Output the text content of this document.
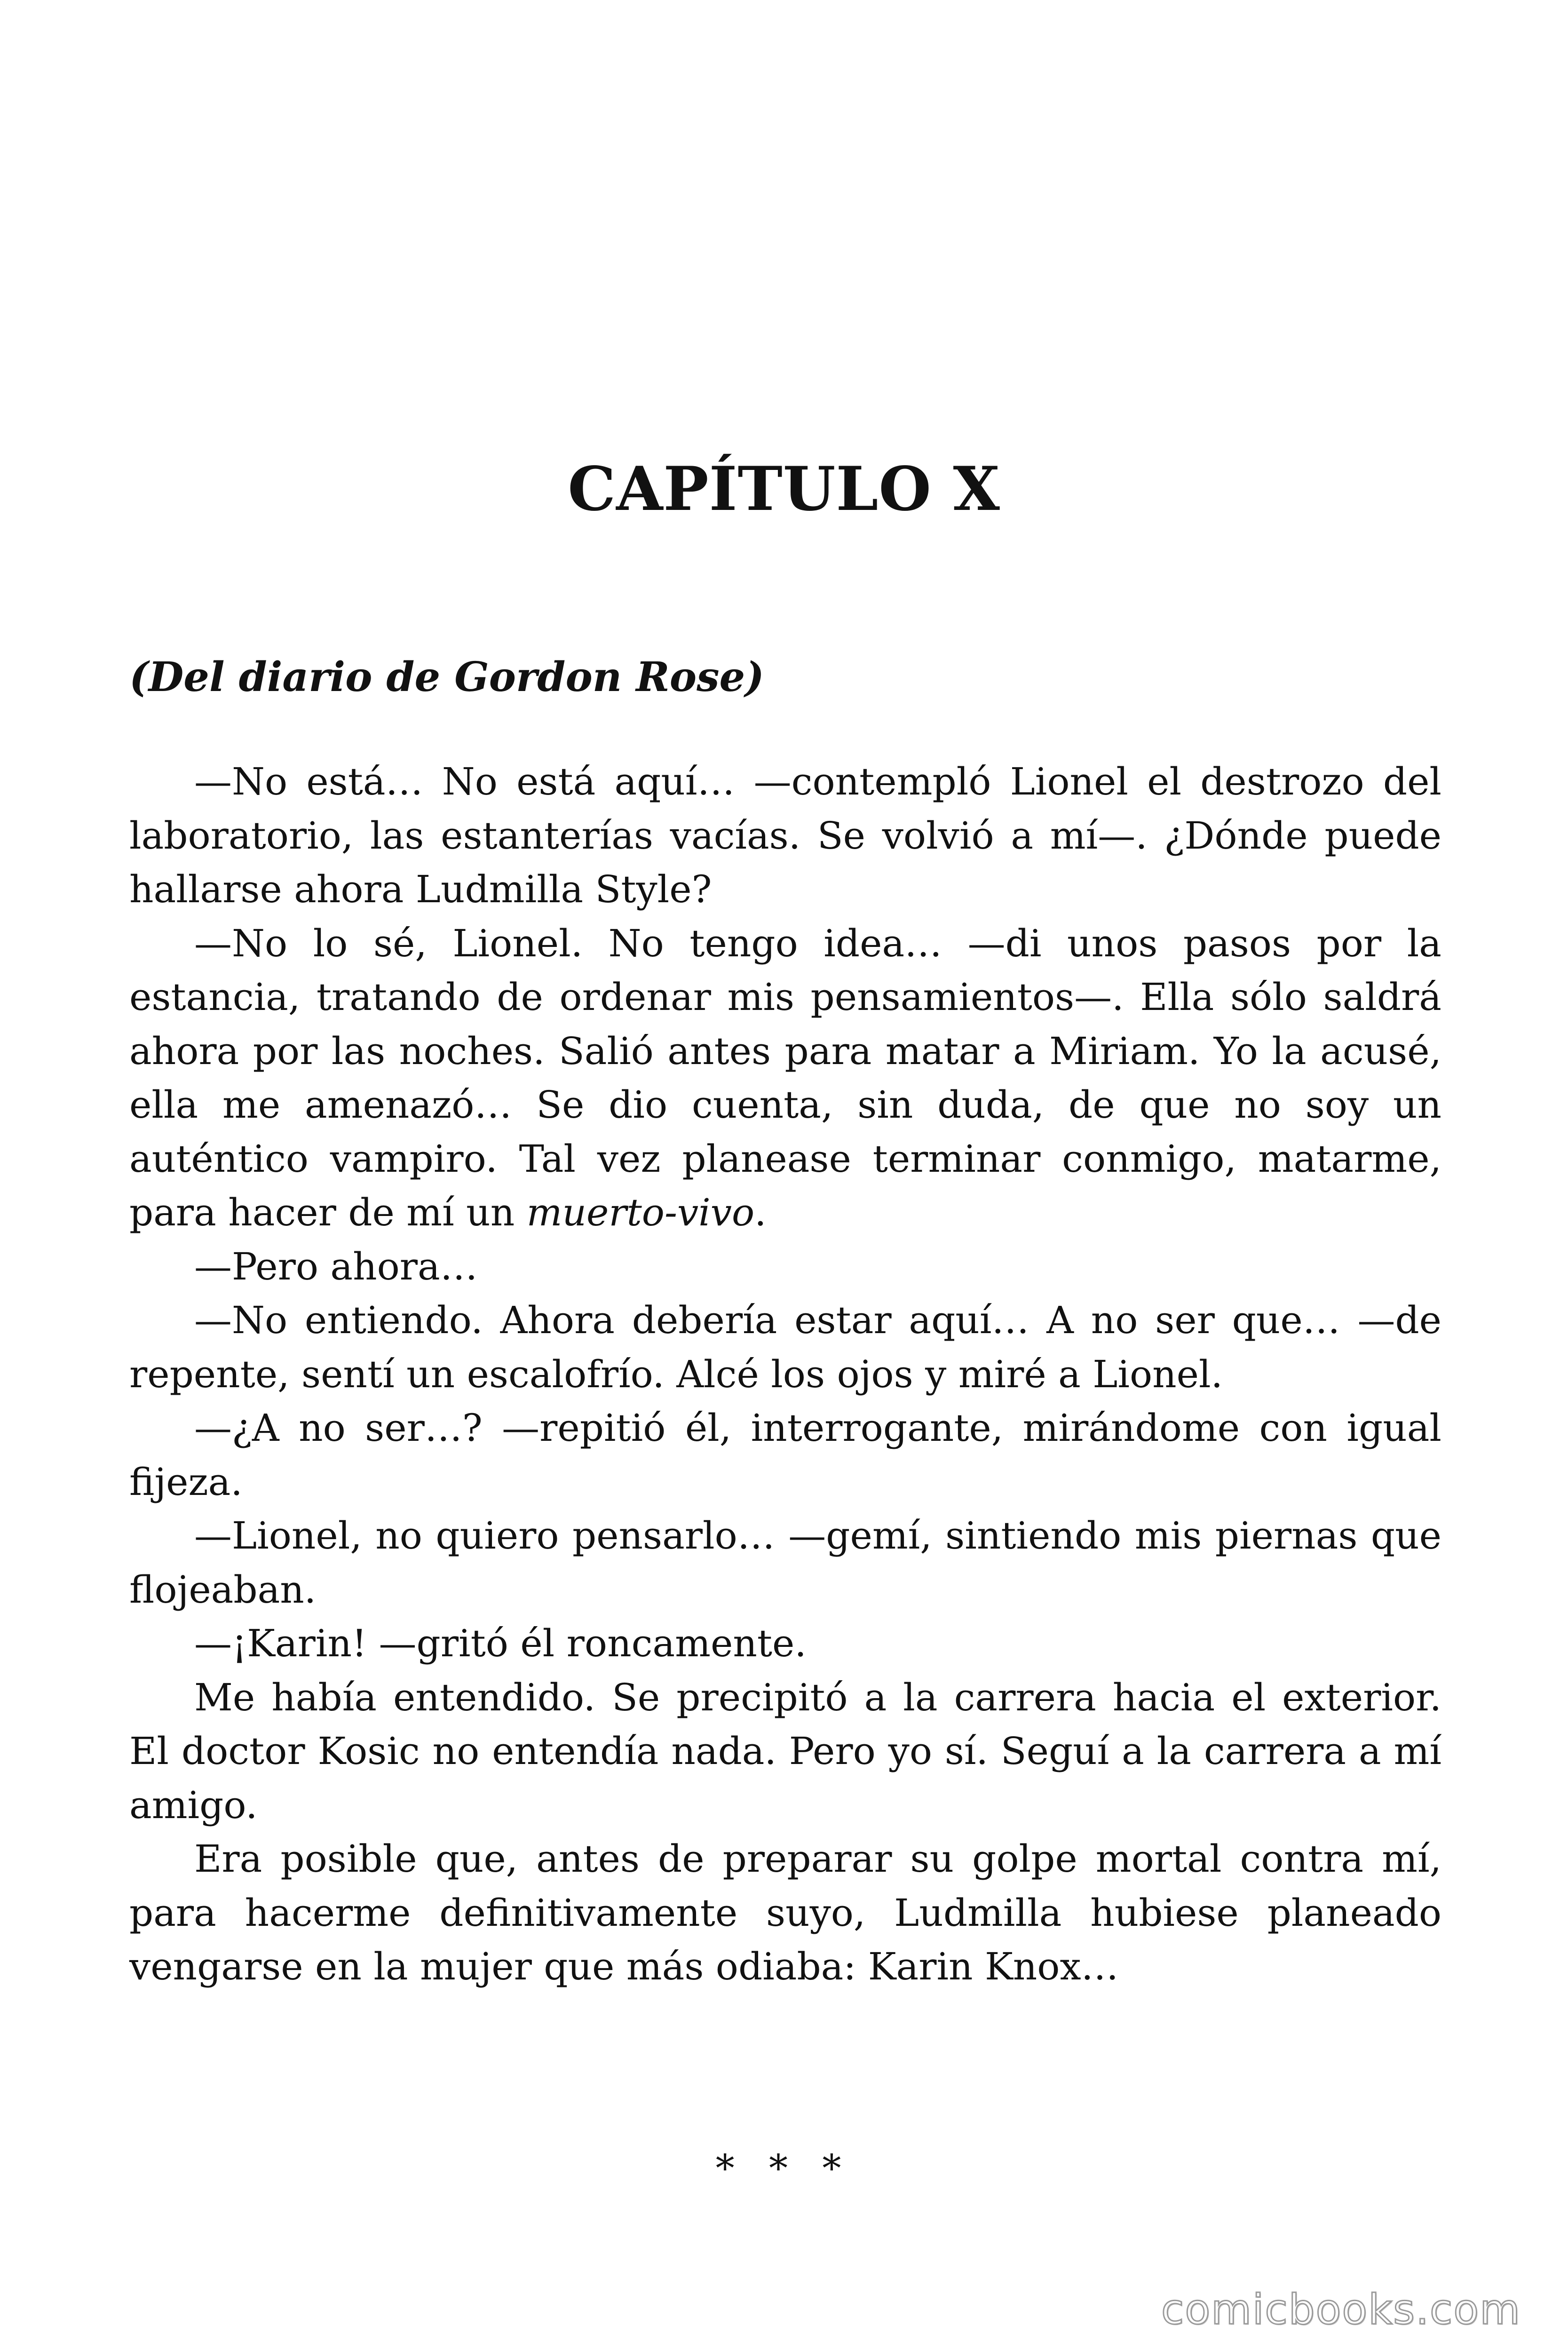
CAPÍTULO X
(Del diario de Gordon Rose)

—No está… No está aquí… —contempló Lionel el destrozo del laboratorio, las estanterías vacías. Se volvió a mí—. ¿Dónde puede hallarse ahora Ludmilla Style?

—No lo sé, Lionel. No tengo idea… —di unos pasos por la estancia, tratando de ordenar mis pensamientos—. Ella sólo saldrá ahora por las noches. Salió antes para matar a Miriam. Yo la acusé, ella me amenazó… Se dio cuenta, sin duda, de que no soy un auténtico vampiro. Tal vez planease terminar conmigo, matarme, para hacer de mí un muerto-vivo.

—Pero ahora…

—No entiendo. Ahora debería estar aquí… A no ser que… —de repente, sentí un escalofrío. Alcé los ojos y miré a Lionel.

—¿A no ser…? —repitió él, interrogante, mirándome con igual fijeza.

—Lionel, no quiero pensarlo… —gemí, sintiendo mis piernas que flojeaban.

—¡Karin! —gritó él roncamente.

Me había entendido. Se precipitó a la carrera hacia el exterior. El doctor Kosic no entendía nada. Pero yo sí. Seguí a la carrera a mí amigo.

Era posible que, antes de preparar su golpe mortal contra mí, para hacerme definitivamente suyo, Ludmilla hubiese planeado vengarse en la mujer que más odiaba: Karin Knox…

* * *
comicbooks.com
